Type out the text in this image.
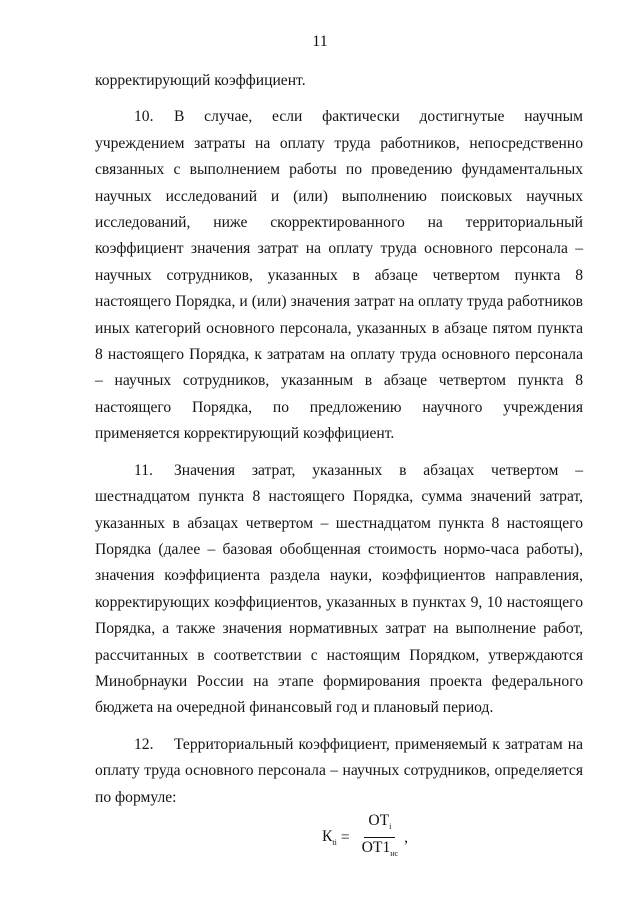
11

корректирующий коэффициент.

10. В случае, если фактически достигнутые научным учреждением затраты на оплату труда работников, непосредственно связанных с выполнением работы по проведению фундаментальных научных исследований и (или) выполнению поисковых научных исследований, ниже скорректированного на территориальный коэффициент значения затрат на оплату труда основного персонала – научных сотрудников, указанных в абзаце четвертом пункта 8 настоящего Порядка, и (или) значения затрат на оплату труда работников иных категорий основного персонала, указанных в абзаце пятом пункта 8 настоящего Порядка, к затратам на оплату труда основного персонала – научных сотрудников, указанным в абзаце четвертом пункта 8 настоящего Порядка, по предложению научного учреждения применяется корректирующий коэффициент.

11. Значения затрат, указанных в абзацах четвертом – шестнадцатом пункта 8 настоящего Порядка, сумма значений затрат, указанных в абзацах четвертом – шестнадцатом пункта 8 настоящего Порядка (далее – базовая обобщенная стоимость нормо-часа работы), значения коэффициента раздела науки, коэффициентов направления, корректирующих коэффициентов, указанных в пунктах 9, 10 настоящего Порядка, а также значения нормативных затрат на выполнение работ, рассчитанных в соответствии с настоящим Порядком, утверждаются Минобрнауки России на этапе формирования проекта федерального бюджета на очередной финансовый год и плановый период.

12. Территориальный коэффициент, применяемый к затратам на оплату труда основного персонала – научных сотрудников, определяется по формуле:

$К_{ti} = \frac{ОТ_i}{ОТ1_{нс}}$ ,
